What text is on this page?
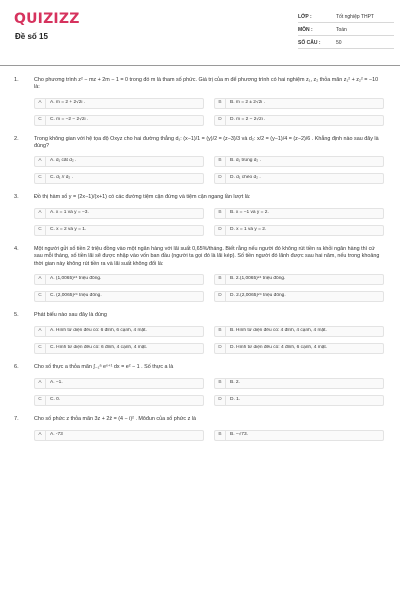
QUIZIZZ
Đề số 15
LỚP :	Tốt nghiệp THPT
MÔN :	Toán
SỐ CÂU :	50
1.	Cho phương trình z² − mz + 2m − 1 = 0 trong đó m là tham số phức. Giá trị của m để phương trình có hai nghiệm z₁, z₂ thỏa mãn z₁² + z₂² = −10 là:
A	A. m = 2 + 2√2i .	B	B. m = 2 ± 2√2i .
C	C. m = −2 − 2√2i .	D	D. m = 2 − 2√2i .
2.	Trong không gian với hệ tọa độ Oxyz cho hai đường thẳng d₁: (x−1)/1 = (y)/2 = (z−3)/3 và d₂: x/2 = (y−1)/4 = (z−2)/6 . Khẳng định nào sau đây là đúng?
A	A. d₁ cắt d₂ .	B	B. d₁ trùng d₂ .
C	C. d₁ // d₂ .	D	D. d₁ chéo d₂ .
3.	Đồ thị hàm số y = (2x−1)/(x+1) có các đường tiệm cận đứng và tiệm cận ngang lần lượt là:
A	A. x = 1 và y = −3.	B	B. x = −1 và y = 2.
C	C. x = 2 và y = 1.	D	D. x = 1 và y = 2.
4.	Một người gửi số tiền 2 triệu đồng vào một ngân hàng với lãi suất 0,65%/tháng. Biết rằng nếu người đó không rút tiền ra khỏi ngân hàng thì cứ sau mỗi tháng, số tiền lãi sẽ được nhập vào vốn ban đầu (người ta gọi đó là lãi kép). Số tiền người đó lãnh được sau hai năm, nếu trong khoảng thời gian này không rút tiền ra và lãi suất không đổi là:
A	A. (1,0065)²⁴ triệu đồng.	B	B. 2.(1,0065)²⁴ triệu đồng.
C	C. (2,0065)²⁴ triệu đồng.	D	D. 2.(2,0065)²⁴ triệu đồng.
5.	Phát biểu nào sau đây là đúng
A	A. Hình tứ diện đều có: 6 đỉnh, 6 cạnh, 4 mặt.	B	B. Hình tứ diện đều có: 4 đỉnh, 4 cạnh, 4 mặt.
C	C. Hình tứ diện đều có: 6 đỉnh, 4 cạnh, 4 mặt.	D	D. Hình tứ diện đều có: 4 đỉnh, 6 cạnh, 4 mặt.
6.	Cho số thực a thỏa mãn ∫₋₁ᵃ eˣ⁺¹ dx = e² − 1 . Số thực a là
A	A. −1.	B	B. 2.
C	C. 0.	D	D. 1.
7.	Cho số phức z thỏa mãn 3z + 2z̄ = (4 − i)² . Môđun của số phức z là
A	A. -73	B	B. −√73.
